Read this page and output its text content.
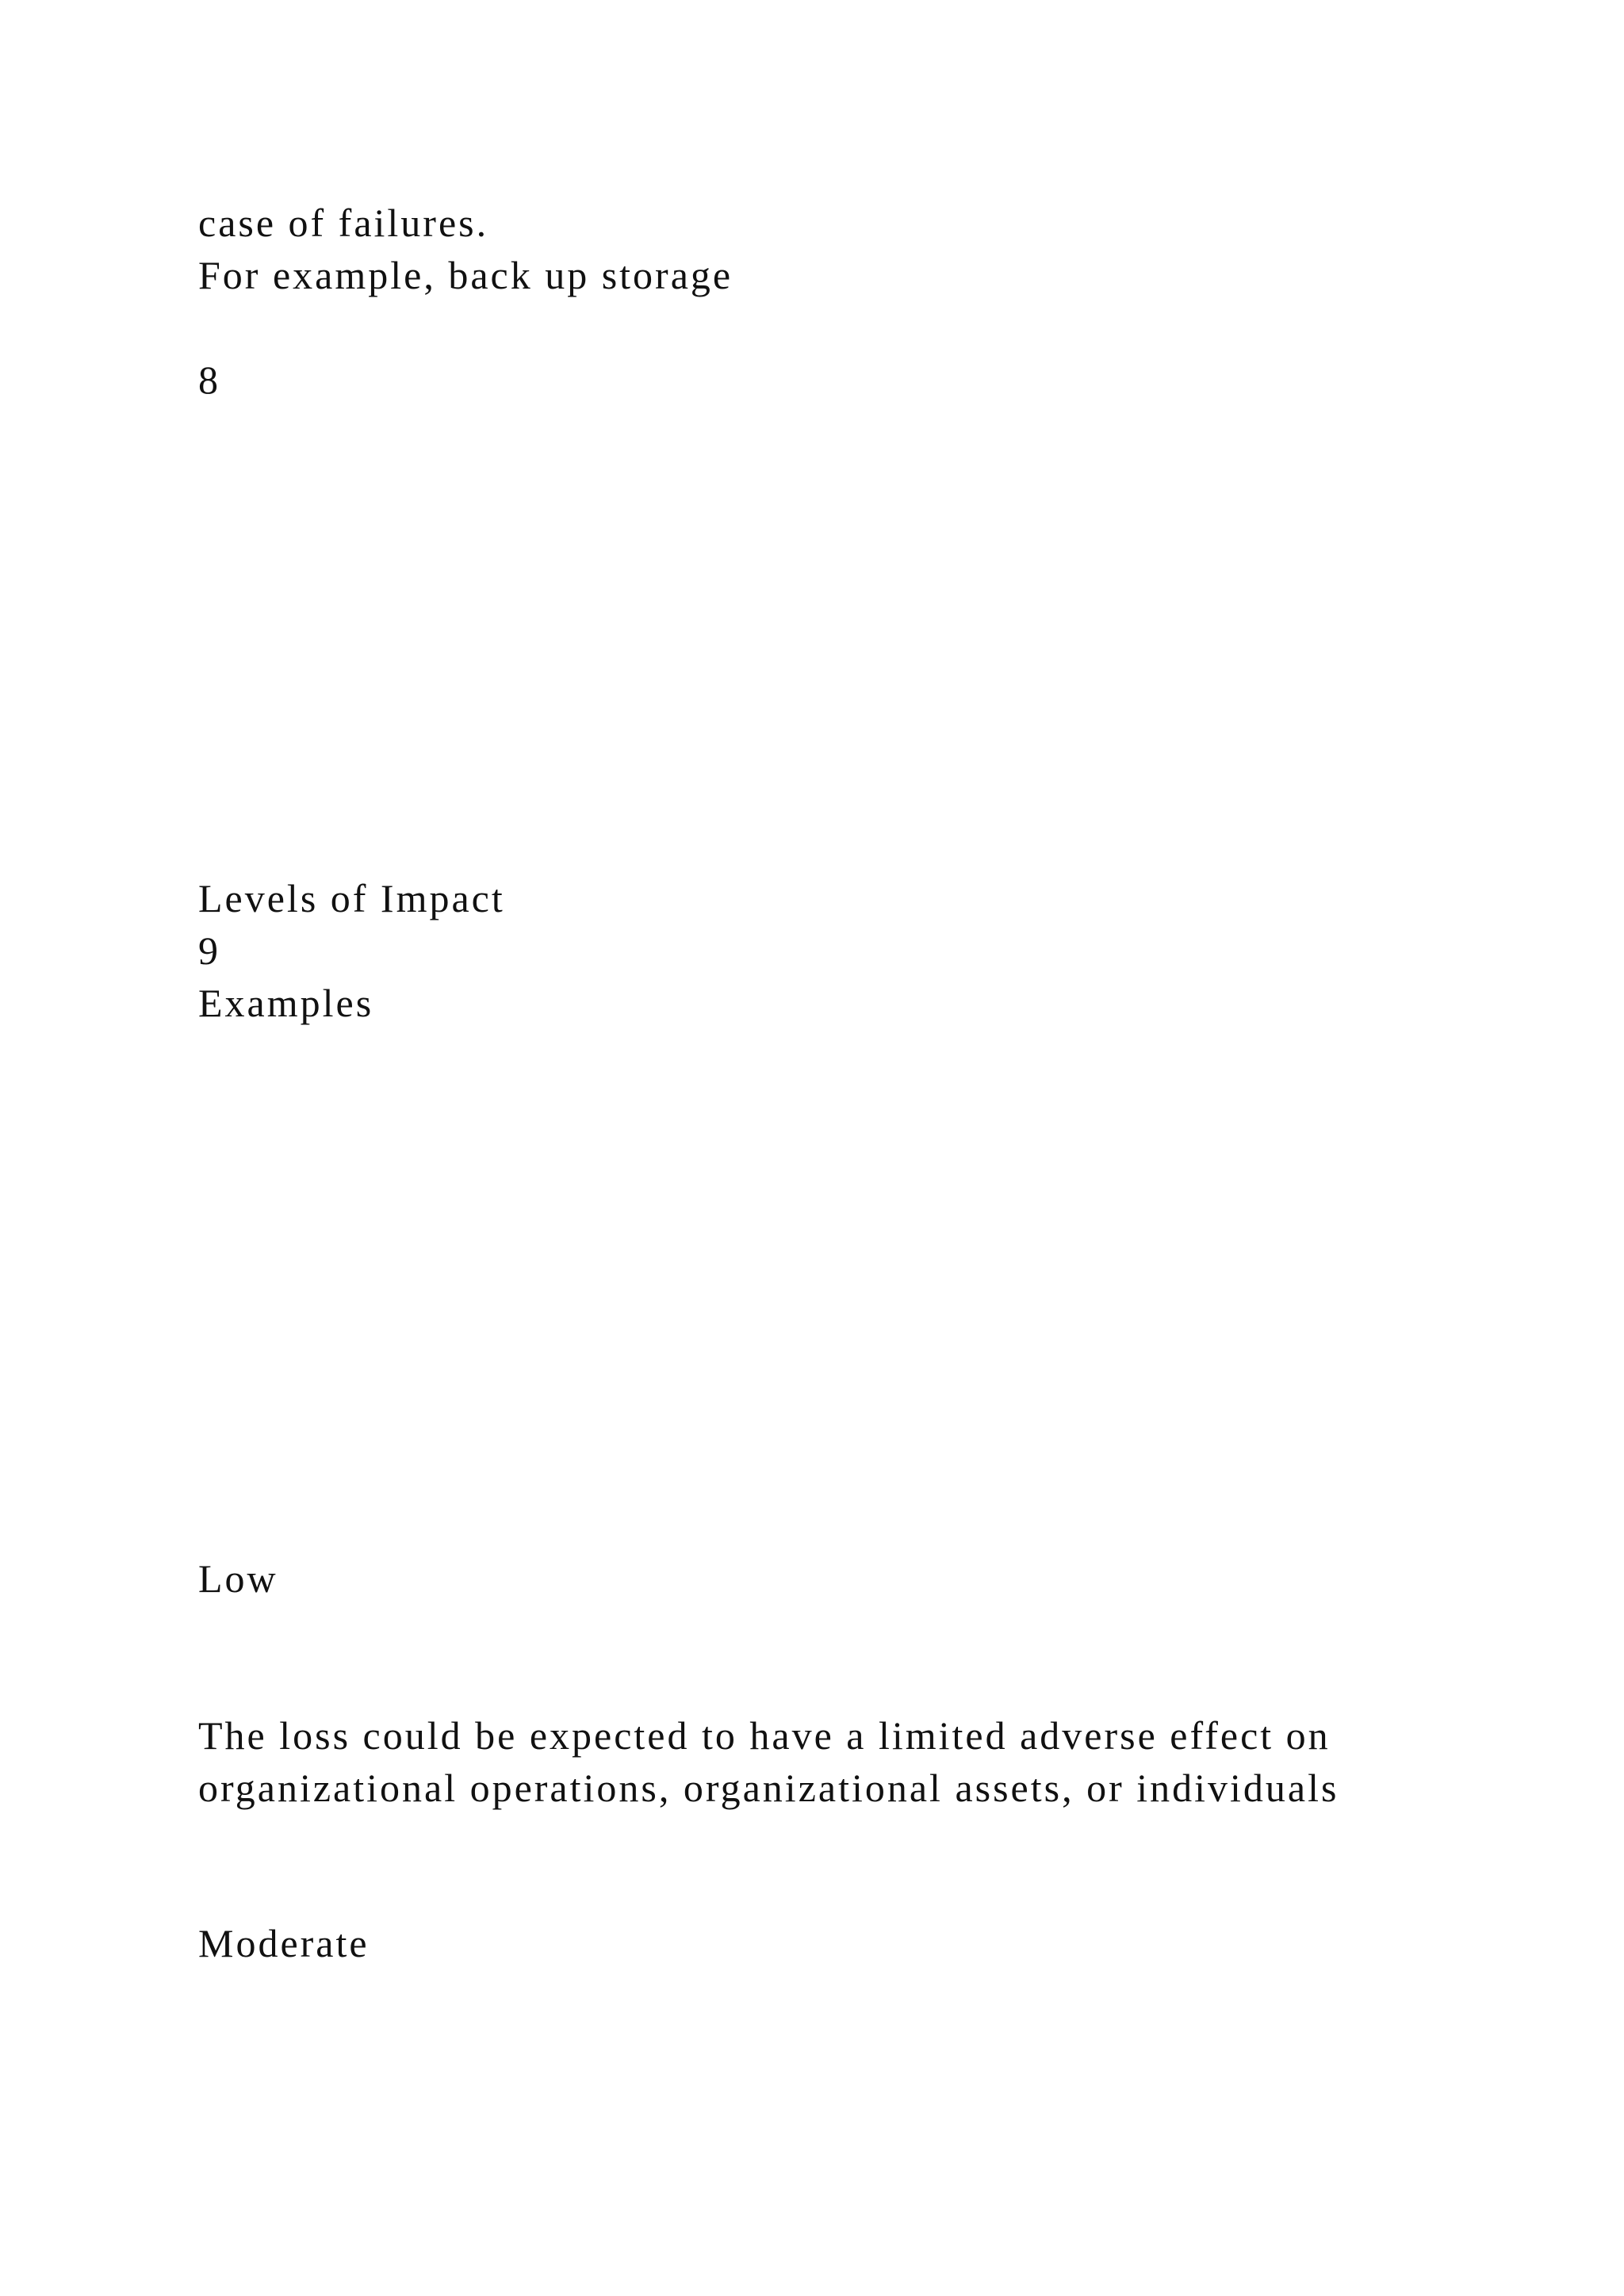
case of failures.

For example, back up storage

8

Levels of Impact

9

Examples

Low

The loss could be expected to have a limited adverse effect on

organizational operations, organizational assets, or individuals

Moderate
